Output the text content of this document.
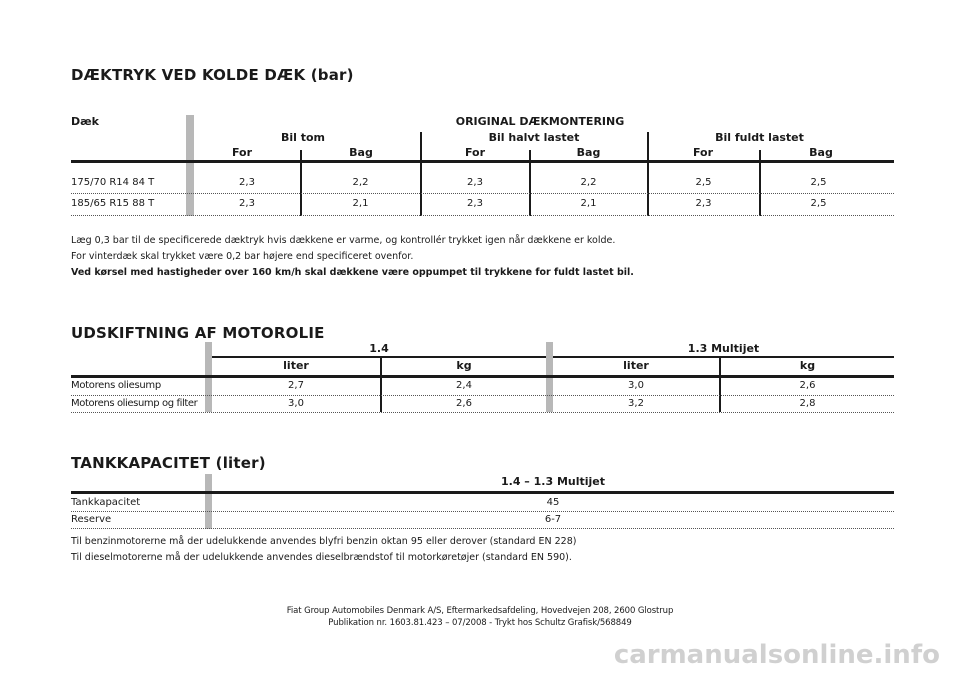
DÆKTRYK VED KOLDE DÆK (bar)
Dæk	ORIGINAL DÆKMONTERING
Bil tom	Bil halvt lastet	Bil fuldt lastet
For	Bag	For	Bag	For	Bag
175/70 R14 84 T	2,3	2,2	2,3	2,2	2,5	2,5
185/65 R15 88 T	2,3	2,1	2,3	2,1	2,3	2,5
Læg 0,3 bar til de specificerede dæktryk hvis dækkene er varme, og kontrollér trykket igen når dækkene er kolde.
For vinterdæk skal trykket være 0,2 bar højere end specificeret ovenfor.
Ved kørsel med hastigheder over 160 km/h skal dækkene være oppumpet til trykkene for fuldt lastet bil.
UDSKIFTNING AF MOTOROLIE
1.4	1.3 Multijet
liter	kg	liter	kg
Motorens oliesump	2,7	2,4	3,0	2,6
Motorens oliesump og filter	3,0	2,6	3,2	2,8
TANKKAPACITET (liter)
1.4 – 1.3 Multijet
Tankkapacitet	45
Reserve	6-7
Til benzinmotorerne må der udelukkende anvendes blyfri benzin oktan 95 eller derover (standard EN 228)
Til dieselmotorerne må der udelukkende anvendes dieselbrændstof til motorkøretøjer (standard EN 590).
Fiat Group Automobiles Denmark A/S, Eftermarkedsafdeling, Hovedvejen 208, 2600 Glostrup
Publikation nr. 1603.81.423 – 07/2008 - Trykt hos Schultz Grafisk/568849
carmanualsonline.info
